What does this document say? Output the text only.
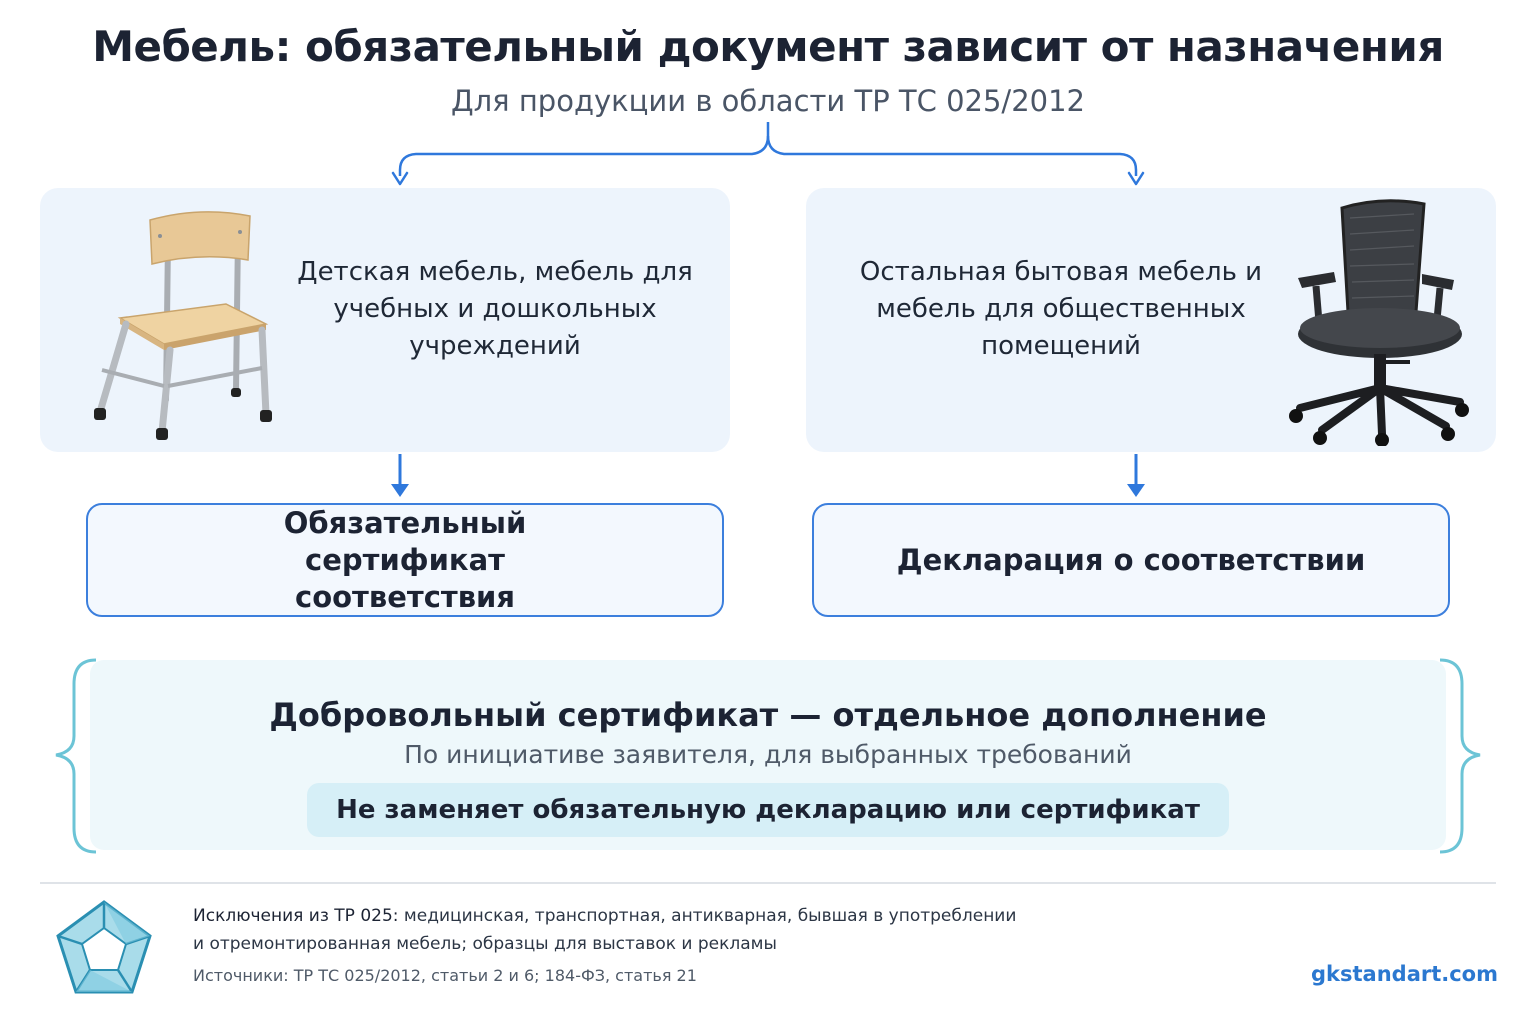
Мебель: обязательный документ зависит от назначения
Для продукции в области ТР ТС 025/2012
Детская мебель, мебель для учебных и дошкольных учреждений
Остальная бытовая мебель и мебель для общественных помещений
Обязательный сертификат соответствия
Декларация о соответствии
Добровольный сертификат — отдельное дополнение
По инициативе заявителя, для выбранных требований
Не заменяет обязательную декларацию или сертификат
Исключения из ТР 025: медицинская, транспортная, антикварная, бывшая в употреблении
и отремонтированная мебель; образцы для выставок и рекламы
Источники: ТР ТС 025/2012, статьи 2 и 6; 184-ФЗ, статья 21	gkstandart.com
